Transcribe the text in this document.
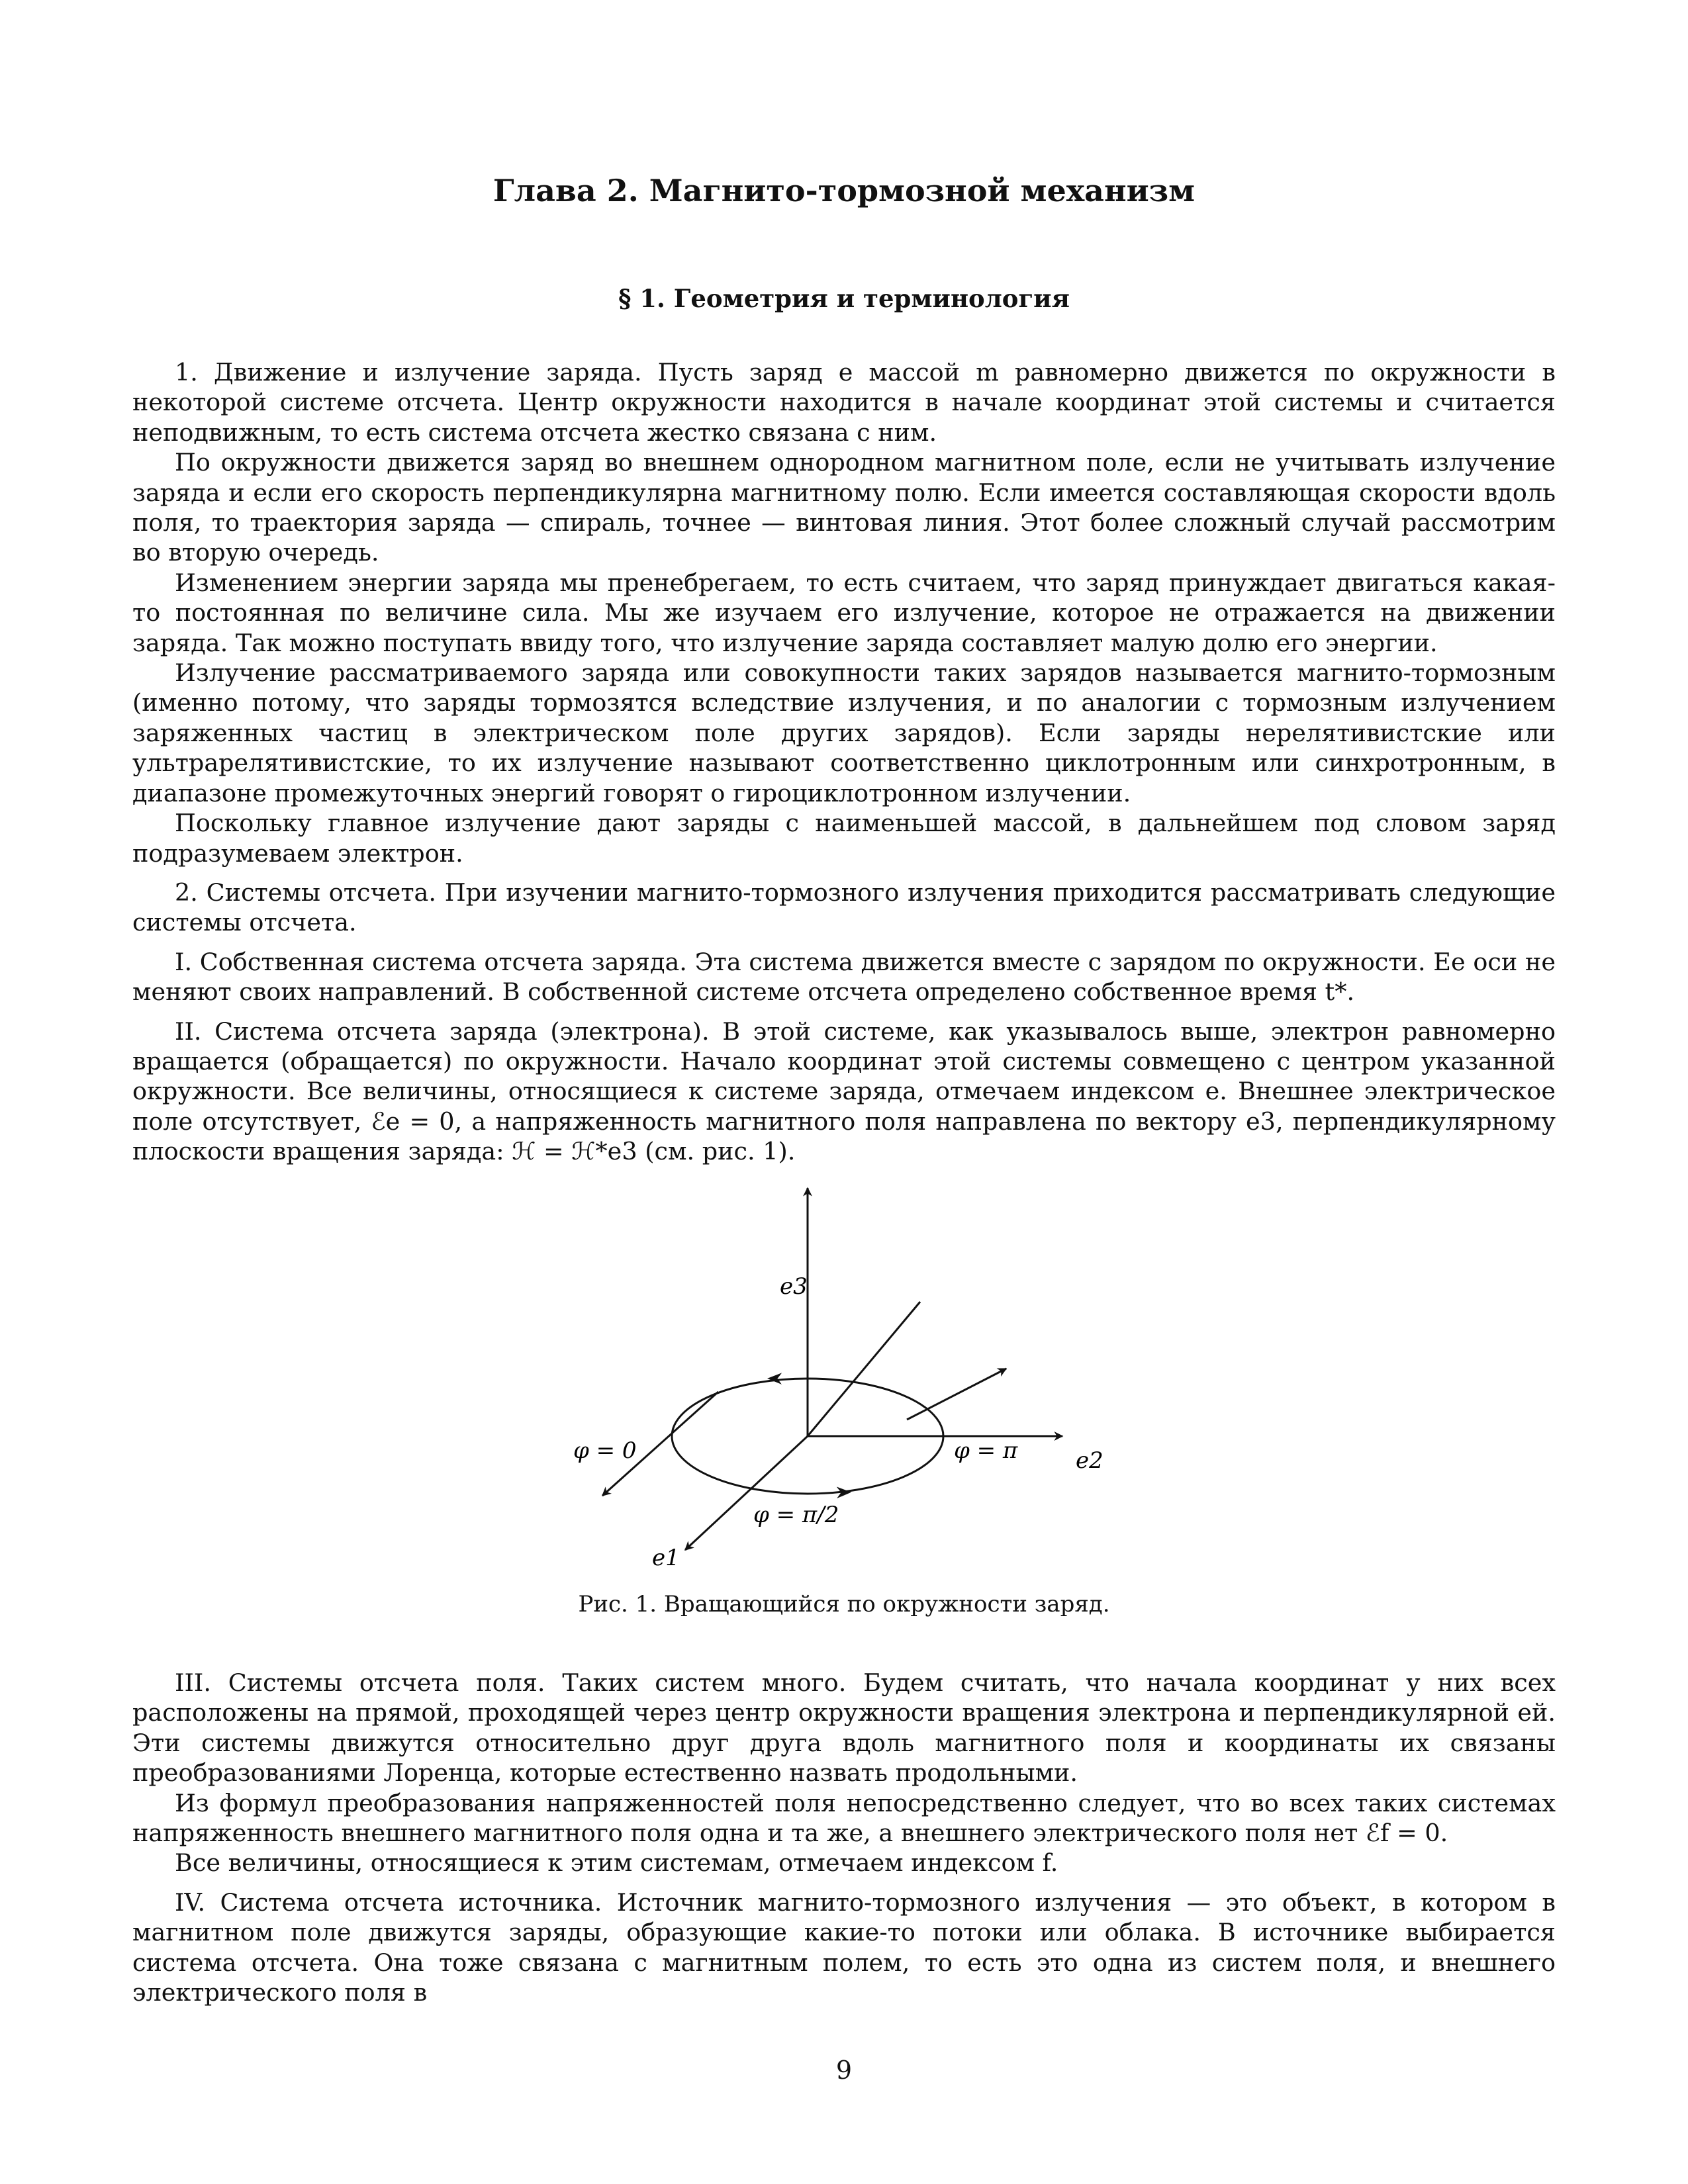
Глава 2. Магнито-тормозной механизм
§ 1. Геометрия и терминология

1. Движение и излучение заряда. Пусть заряд e массой m равномерно движется по окружности в некоторой системе отсчета. Центр окружности находится в начале координат этой системы и считается неподвижным, то есть система отсчета жестко связана с ним.

По окружности движется заряд во внешнем однородном магнитном поле, если не учитывать излучение заряда и если его скорость перпендикулярна магнитному полю. Если имеется составляющая скорости вдоль поля, то траектория заряда — спираль, точнее — винтовая линия. Этот более сложный случай рассмотрим во вторую очередь.

Изменением энергии заряда мы пренебрегаем, то есть считаем, что заряд принуждает двигаться какая-то постоянная по величине сила. Мы же изучаем его излучение, которое не отражается на движении заряда. Так можно поступать ввиду того, что излучение заряда составляет малую долю его энергии.

Излучение рассматриваемого заряда или совокупности таких зарядов называется магнито-тормозным (именно потому, что заряды тормозятся вследствие излучения, и по аналогии с тормозным излучением заряженных частиц в электрическом поле других зарядов). Если заряды нерелятивистские или ультрарелятивистские, то их излучение называют соответственно циклотронным или синхротронным, в диапазоне промежуточных энергий говорят о гироциклотронном излучении.

Поскольку главное излучение дают заряды с наименьшей массой, в дальнейшем под словом заряд подразумеваем электрон.

2. Системы отсчета. При изучении магнито-тормозного излучения приходится рассматривать следующие системы отсчета.

I. Собственная система отсчета заряда. Эта система движется вместе с зарядом по окружности. Ее оси не меняют своих направлений. В собственной системе отсчета определено собственное время t*.

II. Система отсчета заряда (электрона). В этой системе, как указывалось выше, электрон равномерно вращается (обращается) по окружности. Начало координат этой системы совмещено с центром указанной окружности. Все величины, относящиеся к системе заряда, отмечаем индексом e. Внешнее электрическое поле отсутствует, ℰe = 0, а напряженность магнитного поля направлена по вектору e3, перпендикулярному плоскости вращения заряда: ℋ = ℋ*e3 (см. рис. 1).

e3
e2
e1
φ = 0	φ = π
φ = π/2
Рис. 1. Вращающийся по окружности заряд.

III. Системы отсчета поля. Таких систем много. Будем считать, что начала координат у них всех расположены на прямой, проходящей через центр окружности вращения электрона и перпендикулярной ей. Эти системы движутся относительно друг друга вдоль магнитного поля и координаты их связаны преобразованиями Лоренца, которые естественно назвать продольными.

Из формул преобразования напряженностей поля непосредственно следует, что во всех таких системах напряженность внешнего магнитного поля одна и та же, а внешнего электрического поля нет ℰf = 0.

Все величины, относящиеся к этим системам, отмечаем индексом f.

IV. Система отсчета источника. Источник магнито-тормозного излучения — это объект, в котором в магнитном поле движутся заряды, образующие какие-то потоки или облака. В источнике выбирается система отсчета. Она тоже связана с магнитным полем, то есть это одна из систем поля, и внешнего электрического поля в

9
